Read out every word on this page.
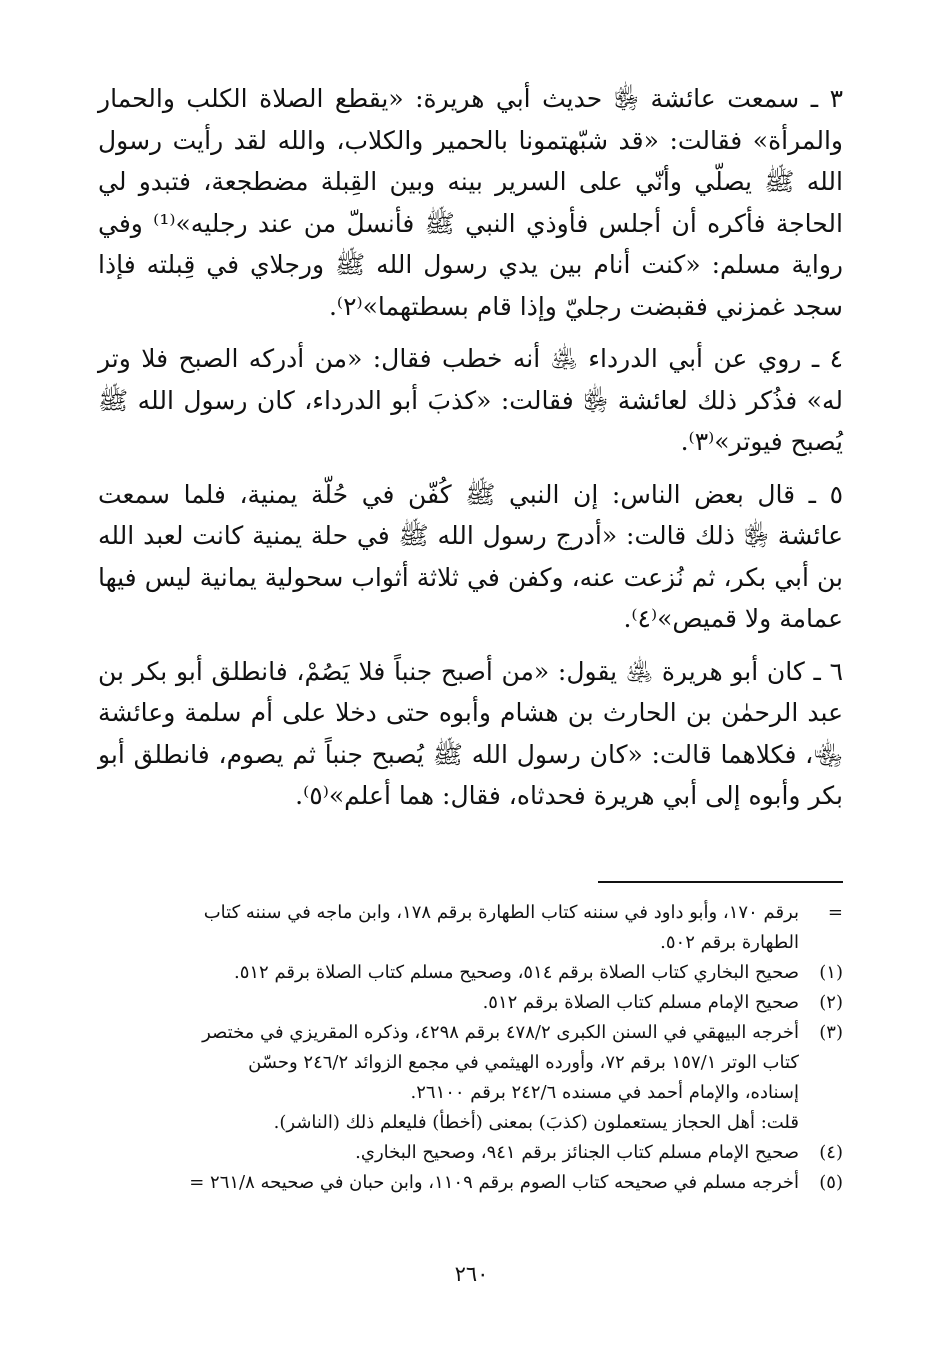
٣ ـ سمعت عائشة ﵂ حديث أبي هريرة: «يقطع الصلاة الكلب والحمار والمرأة» فقالت: «قد شبّهتمونا بالحمير والكلاب، والله لقد رأيت رسول الله ﷺ يصلّي وأنّي على السرير بينه وبين القِبلة مضطجعة، فتبدو لي الحاجة فأكره أن أجلس فأوذي النبي ﷺ فأنسلّ من عند رجليه»⁽¹⁾ وفي رواية مسلم: «كنت أنام بين يدي رسول الله ﷺ ورجلاي في قِبلته فإذا سجد غمزني فقبضت رجليّ وإذا قام بسطتهما»⁽٢⁾.

٤ ـ روي عن أبي الدرداء ﵁ أنه خطب فقال: «من أدركه الصبح فلا وتر له» فذُكر ذلك لعائشة ﵂ فقالت: «كذبَ أبو الدرداء، كان رسول الله ﷺ يُصبح فيوتر»⁽٣⁾.

٥ ـ قال بعض الناس: إن النبي ﷺ كُفّن في حُلّة يمنية، فلما سمعت عائشة ﵂ ذلك قالت: «أدرج رسول الله ﷺ في حلة يمنية كانت لعبد الله بن أبي بكر، ثم نُزعت عنه، وكفن في ثلاثة أثواب سحولية يمانية ليس فيها عمامة ولا قميص»⁽٤⁾.

٦ ـ كان أبو هريرة ﵁ يقول: «من أصبح جنباً فلا يَصُمْ، فانطلق أبو بكر بن عبد الرحمٰن بن الحارث بن هشام وأبوه حتى دخلا على أم سلمة وعائشة ﵄، فكلاهما قالت: «كان رسول الله ﷺ يُصبح جنباً ثم يصوم، فانطلق أبو بكر وأبوه إلى أبي هريرة فحدثاه، فقال: هما أعلم»⁽٥⁾.

=
برقم ١٧٠، وأبو داود في سننه كتاب الطهارة برقم ١٧٨، وابن ماجه في سننه كتاب
الطهارة برقم ٥٠٢.
(١)
صحيح البخاري كتاب الصلاة برقم ٥١٤، وصحيح مسلم كتاب الصلاة برقم ٥١٢.
(٢)
صحيح الإمام مسلم كتاب الصلاة برقم ٥١٢.
(٣)
أخرجه البيهقي في السنن الكبرى ٤٧٨/٢ برقم ٤٢٩٨، وذكره المقريزي في مختصر
كتاب الوتر ١٥٧/١ برقم ٧٢، وأورده الهيثمي في مجمع الزوائد ٢٤٦/٢ وحسّن
إسناده، والإمام أحمد في مسنده ٢٤٢/٦ برقم ٢٦١٠٠.
قلت: أهل الحجاز يستعملون (كذبَ) بمعنى (أخطأ) فليعلم ذلك (الناشر).
(٤)
صحيح الإمام مسلم كتاب الجنائز برقم ٩٤١، وصحيح البخاري.
(٥)
أخرجه مسلم في صحيحه كتاب الصوم برقم ١١٠٩، وابن حبان في صحيحه ٢٦١/٨ =
٢٦٠
